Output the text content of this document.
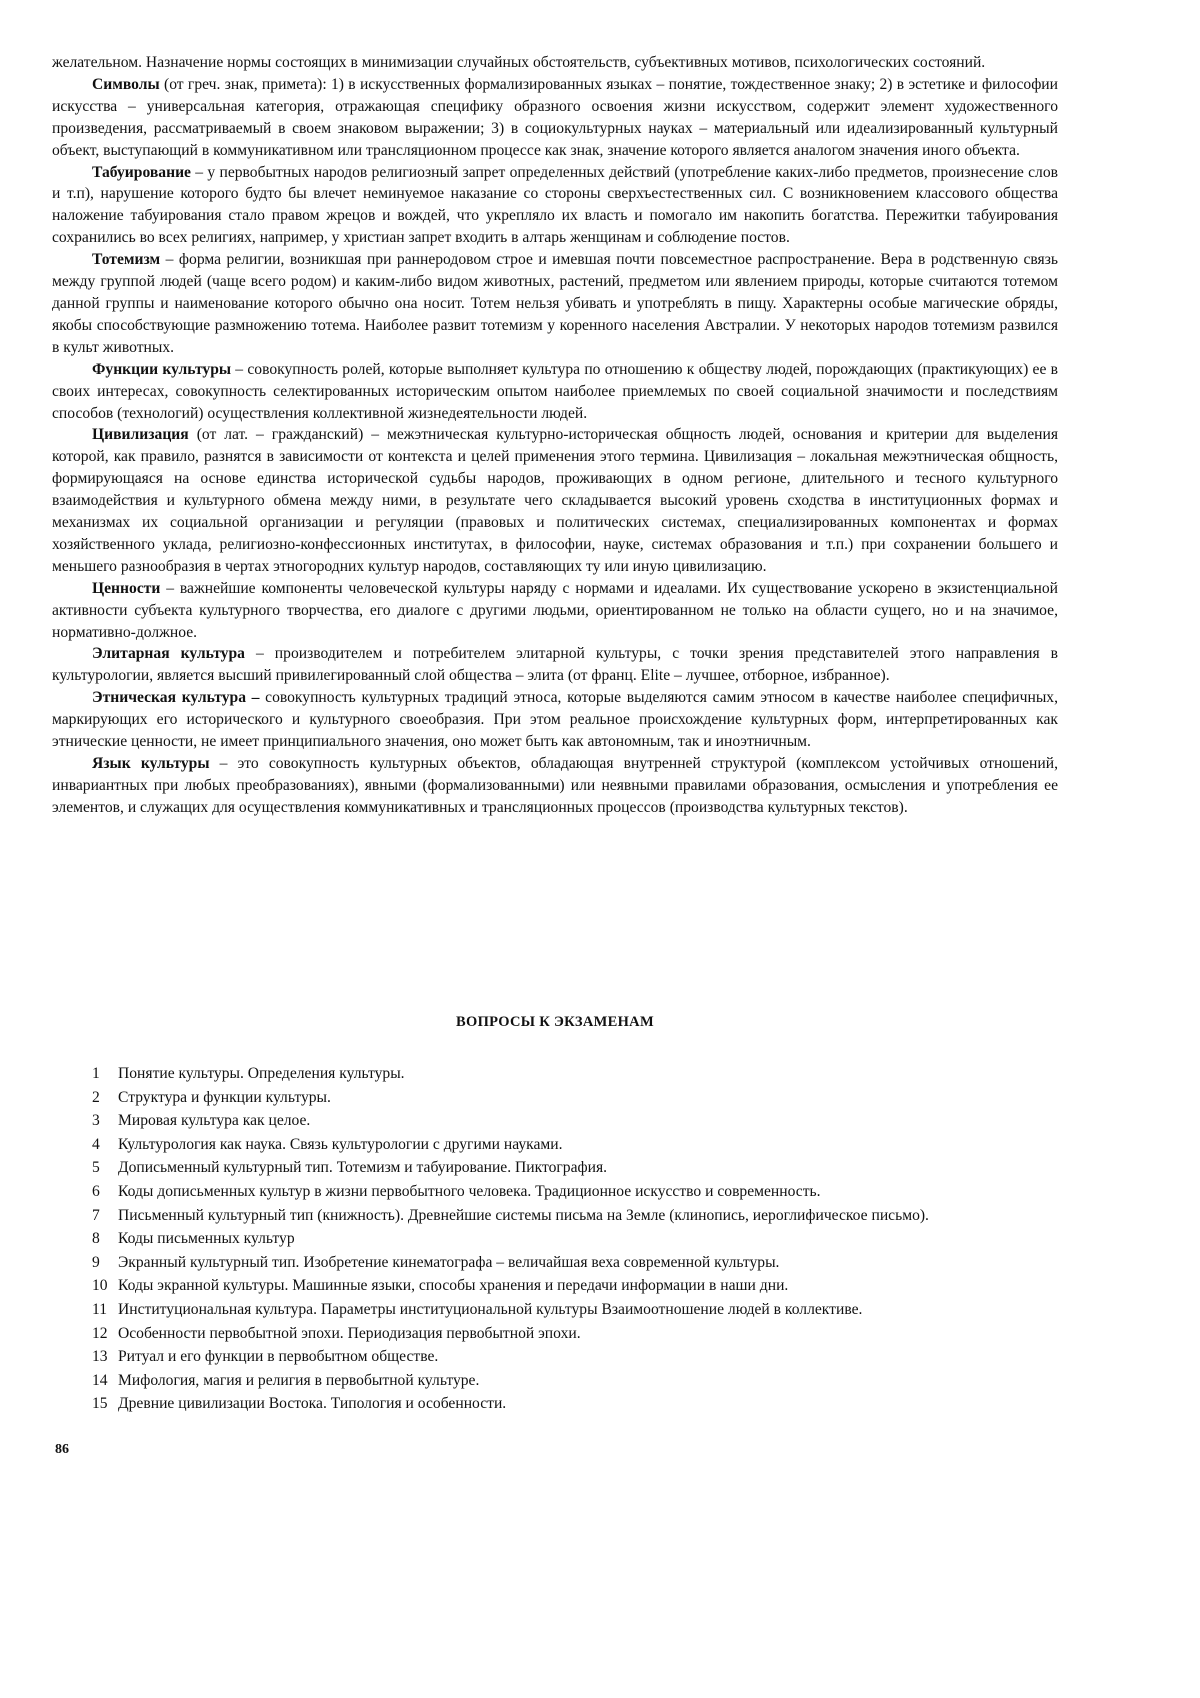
желательном. Назначение нормы состоящих в минимизации случайных обстоятельств, субъективных мотивов, психологических состояний.

Символы (от греч. знак, примета): 1) в искусственных формализированных языках – понятие, тождественное знаку; 2) в эстетике и философии искусства – универсальная категория, отражающая специфику образного освоения жизни искусством, содержит элемент художественного произведения, рассматриваемый в своем знаковом выражении; 3) в социокультурных науках – материальный или идеализированный культурный объект, выступающий в коммуникативном или трансляционном процессе как знак, значение которого является аналогом значения иного объекта.

Табуирование – у первобытных народов религиозный запрет определенных действий (употребление каких-либо предметов, произнесение слов и т.п), нарушение которого будто бы влечет неминуемое наказание со стороны сверхъестественных сил. С возникновением классового общества наложение табуирования стало правом жрецов и вождей, что укрепляло их власть и помогало им накопить богатства. Пережитки табуирования сохранились во всех религиях, например, у христиан запрет входить в алтарь женщинам и соблюдение постов.

Тотемизм – форма религии, возникшая при раннеродовом строе и имевшая почти повсеместное распространение. Вера в родственную связь между группой людей (чаще всего родом) и каким-либо видом животных, растений, предметом или явлением природы, которые считаются тотемом данной группы и наименование которого обычно она носит. Тотем нельзя убивать и употреблять в пищу. Характерны особые магические обряды, якобы способствующие размножению тотема. Наиболее развит тотемизм у коренного населения Австралии. У некоторых народов тотемизм развился в культ животных.

Функции культуры – совокупность ролей, которые выполняет культура по отношению к обществу людей, порождающих (практикующих) ее в своих интересах, совокупность селектированных историческим опытом наиболее приемлемых по своей социальной значимости и последствиям способов (технологий) осуществления коллективной жизнедеятельности людей.

Цивилизация (от лат. – гражданский) – межэтническая культурно-историческая общность людей, основания и критерии для выделения которой, как правило, разнятся в зависимости от контекста и целей применения этого термина. Цивилизация – локальная межэтническая общность, формирующаяся на основе единства исторической судьбы народов, проживающих в одном регионе, длительного и тесного культурного взаимодействия и культурного обмена между ними, в результате чего складывается высокий уровень сходства в институционных формах и механизмах их социальной организации и регуляции (правовых и политических системах, специализированных компонентах и формах хозяйственного уклада, религиозно-конфессионных институтах, в философии, науке, системах образования и т.п.) при сохранении большего и меньшего разнообразия в чертах этногородних культур народов, составляющих ту или иную цивилизацию.

Ценности – важнейшие компоненты человеческой культуры наряду с нормами и идеалами. Их существование ускорено в экзистенциальной активности субъекта культурного творчества, его диалоге с другими людьми, ориентированном не только на области сущего, но и на значимое, нормативно-должное.

Элитарная культура – производителем и потребителем элитарной культуры, с точки зрения представителей этого направления в культурологии, является высший привилегированный слой общества – элита (от франц. Elite – лучшее, отборное, избранное).

Этническая культура – совокупность культурных традиций этноса, которые выделяются самим этносом в качестве наиболее специфичных, маркирующих его исторического и культурного своеобразия. При этом реальное происхождение культурных форм, интерпретированных как этнические ценности, не имеет принципиального значения, оно может быть как автономным, так и иноэтничным.

Язык культуры – это совокупность культурных объектов, обладающая внутренней структурой (комплексом устойчивых отношений, инвариантных при любых преобразованиях), явными (формализованными) или неявными правилами образования, осмысления и употребления ее элементов, и служащих для осуществления коммуникативных и трансляционных процессов (производства культурных текстов).

ВОПРОСЫ К ЭКЗАМЕНАМ
1 Понятие культуры. Определения культуры.
2 Структура и функции культуры.
3 Мировая культура как целое.
4 Культурология как наука. Связь культурологии с другими науками.
5 Дописьменный культурный тип. Тотемизм и табуирование. Пиктография.
6 Коды дописьменных культур в жизни первобытного человека. Традиционное искусство и современность.
7 Письменный культурный тип (книжность). Древнейшие системы письма на Земле (клинопись, иероглифическое письмо).
8 Коды письменных культур
9 Экранный культурный тип. Изобретение кинематографа – величайшая веха современной культуры.
10 Коды экранной культуры. Машинные языки, способы хранения и передачи информации в наши дни.
11 Институциональная культура. Параметры институциональной культуры Взаимоотношение людей в коллективе.
12 Особенности первобытной эпохи. Периодизация первобытной эпохи.
13 Ритуал и его функции в первобытном обществе.
14 Мифология, магия и религия в первобытной культуре.
15 Древние цивилизации Востока. Типология и особенности.
86
